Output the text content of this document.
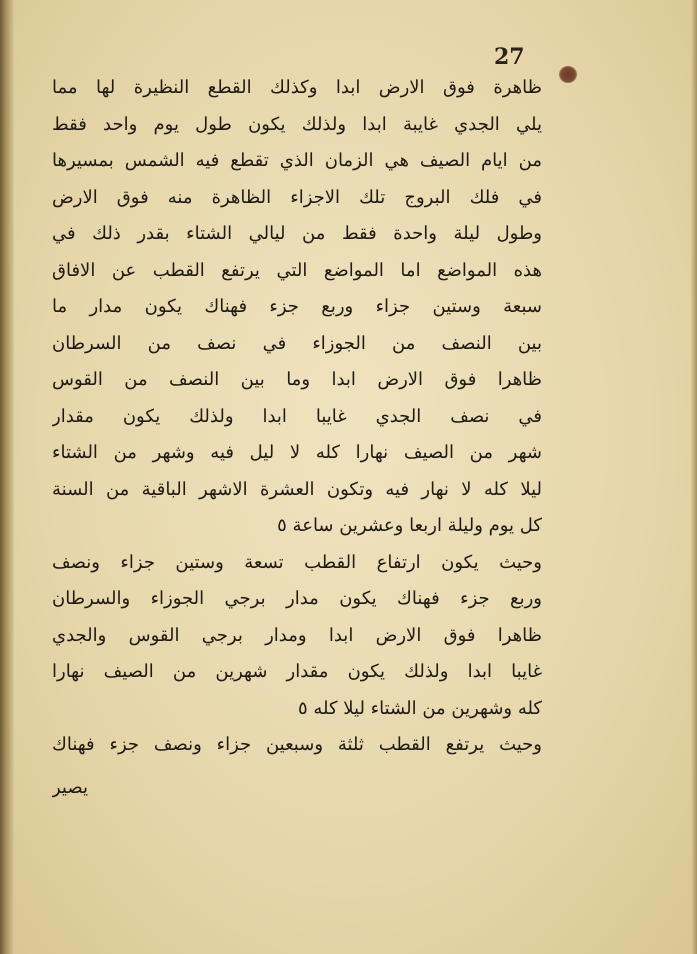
27
ظاهرة فوق الارض ابدا وكذلك القطع النظيرة لها مما
يلي الجدي غايبة ابدا ولذلك يكون طول يوم واحد فقط
من ايام الصيف هي الزمان الذي تقطع فيه الشمس بمسيرها
في فلك البروج تلك الاجزاء الظاهرة منه فوق الارض
وطول ليلة واحدة فقط من ليالي الشتاء بقدر ذلك في
هذه المواضع اما المواضع التي يرتفع القطب عن الافاق
سبعة وستين جزاء وربع جزء فهناك يكون مدار ما
بين النصف من الجوزاء في نصف من السرطان
ظاهرا فوق الارض ابدا وما بين النصف من القوس
في نصف الجدي غايبا ابدا ولذلك يكون مقدار
شهر من الصيف نهارا كله لا ليل فيه وشهر من الشتاء
ليلا كله لا نهار فيه وتكون العشرة الاشهر الباقية من السنة
كل يوم وليلة اربعا وعشرين ساعة ٥
وحيث يكون ارتفاع القطب تسعة وستين جزاء ونصف
وربع جزء فهناك يكون مدار برجي الجوزاء والسرطان
ظاهرا فوق الارض ابدا ومدار برجي القوس والجدي
غايبا ابدا ولذلك يكون مقدار شهرين من الصيف نهارا
كله وشهرين من الشتاء ليلا كله ٥
وحيث يرتفع القطب ثلثة وسبعين جزاء ونصف جزء فهناك
يصير
